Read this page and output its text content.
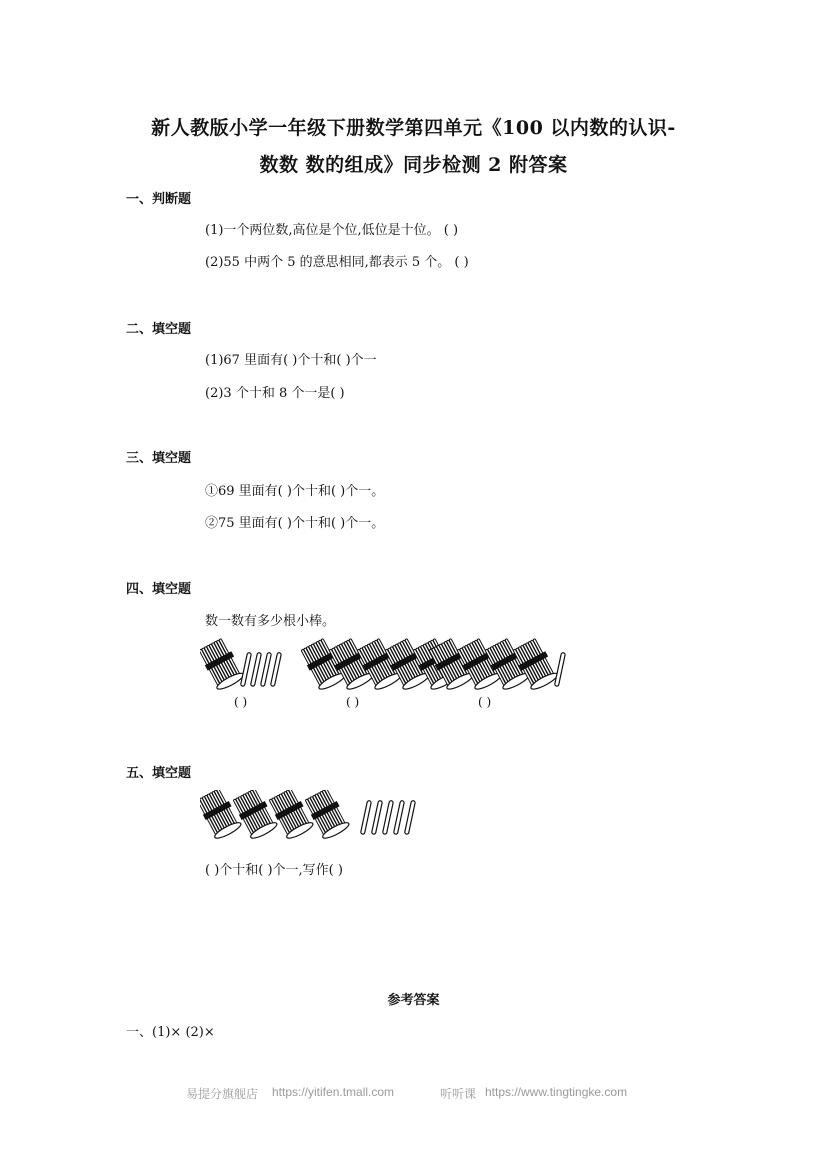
新人教版小学一年级下册数学第四单元《100 以内数的认识-
数数 数的组成》同步检测 2 附答案
一、判断题
(1)一个两位数,高位是个位,低位是十位。 ( )
(2)55 中两个 5 的意思相同,都表示 5 个。 ( )
二、填空题
(1)67 里面有( )个十和( )个一
(2)3 个十和 8 个一是( )
三、填空题
①69 里面有( )个十和( )个一。
②75 里面有( )个十和( )个一。
四、填空题
数一数有多少根小棒。
( )	( )	( )
五、填空题
( )个十和( )个一,写作( )
参考答案
一、(1)× (2)×
易提分旗舰店 https://yitifen.tmall.com	听听课 https://www.tingtingke.com
